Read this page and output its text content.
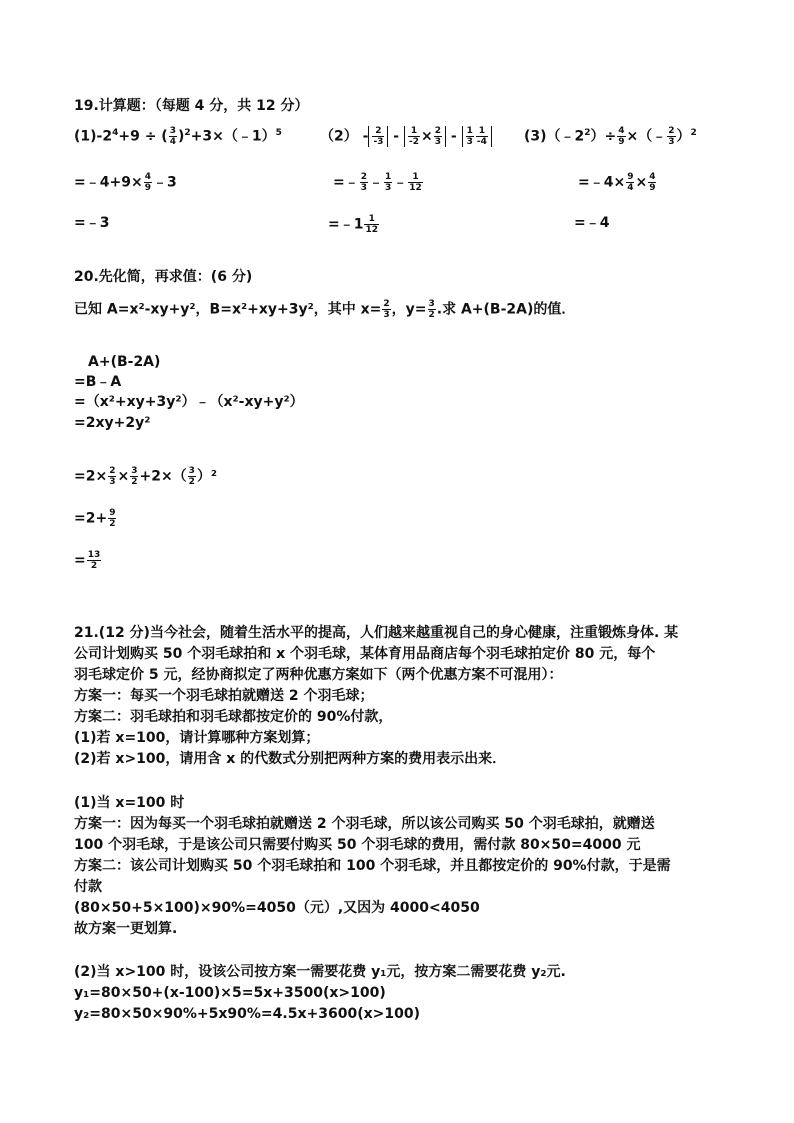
19.计算题：（每题 4 分，共 12 分）
$(1)-2^4+9$ ÷ ( $\frac{3}{4}$ )$^2$+3×（﹣1）$^5$	$(2) - \frac{2}{-3} - \frac{1}{-2} \times \frac{2}{3} - \frac{1}{3} \frac{1}{-4}$	$(3)(﹣2^2)\div \frac{4}{9}$ ×（﹣ $\frac{2}{3} )^2$
=﹣4+9× $\frac{4}{9}$ ﹣3	=﹣ $\frac{2}{3}$ ﹣ $\frac{1}{3}$ ﹣ $\frac{1}{12}$	=﹣4× $\frac{9}{4} \times \frac{4}{9}$
=﹣3	=﹣1 $\frac{1}{12}$	=﹣4
20.先化简，再求值：(6 分)
已知 A=x²-xy+y²，B=x²+xy+3y²，其中 $x= \frac{2}{3}$ ，$y= \frac{3}{2}$ .求 A+(B-2A)的值．
A+(B-2A)
=B﹣A
=（x²+xy+3y²）﹣（x²-xy+y²）
=2xy+2y²
$=2\times \frac{2}{3} \times \frac{3}{2} +2\times( \frac{3}{2} )^2$
$=2+ \frac{9}{2}$
= $\frac{13}{2}$
21.(12 分)当今社会，随着生活水平的提高，人们越来越重视自己的身心健康，注重锻炼身体. 某
公司计划购买 50 个羽毛球拍和 x 个羽毛球，某体育用品商店每个羽毛球拍定价 80 元，每个
羽毛球定价 5 元，经协商拟定了两种优惠方案如下（两个优惠方案不可混用）：
方案一：每买一个羽毛球拍就赠送 2 个羽毛球；
方案二：羽毛球拍和羽毛球都按定价的 90%付款，
(1)若 x=100，请计算哪种方案划算；
(2)若 x>100，请用含 x 的代数式分别把两种方案的费用表示出来．
(1)当 x=100 时
方案一：因为每买一个羽毛球拍就赠送 2 个羽毛球，所以该公司购买 50 个羽毛球拍，就赠送
100 个羽毛球，于是该公司只需要付购买 50 个羽毛球的费用，需付款 80×50=4000 元
方案二：该公司计划购买 50 个羽毛球拍和 100 个羽毛球，并且都按定价的 90%付款，于是需
付款
(80×50+5×100)×90%=4050（元）,又因为 4000<4050
故方案一更划算.
(2)当 x>100 时，设该公司按方案一需要花费 y₁元，按方案二需要花费 y₂元.
y₁=80×50+(x-100)×5=5x+3500(x>100)
y₂=80×50×90%+5x90%=4.5x+3600(x>100)
